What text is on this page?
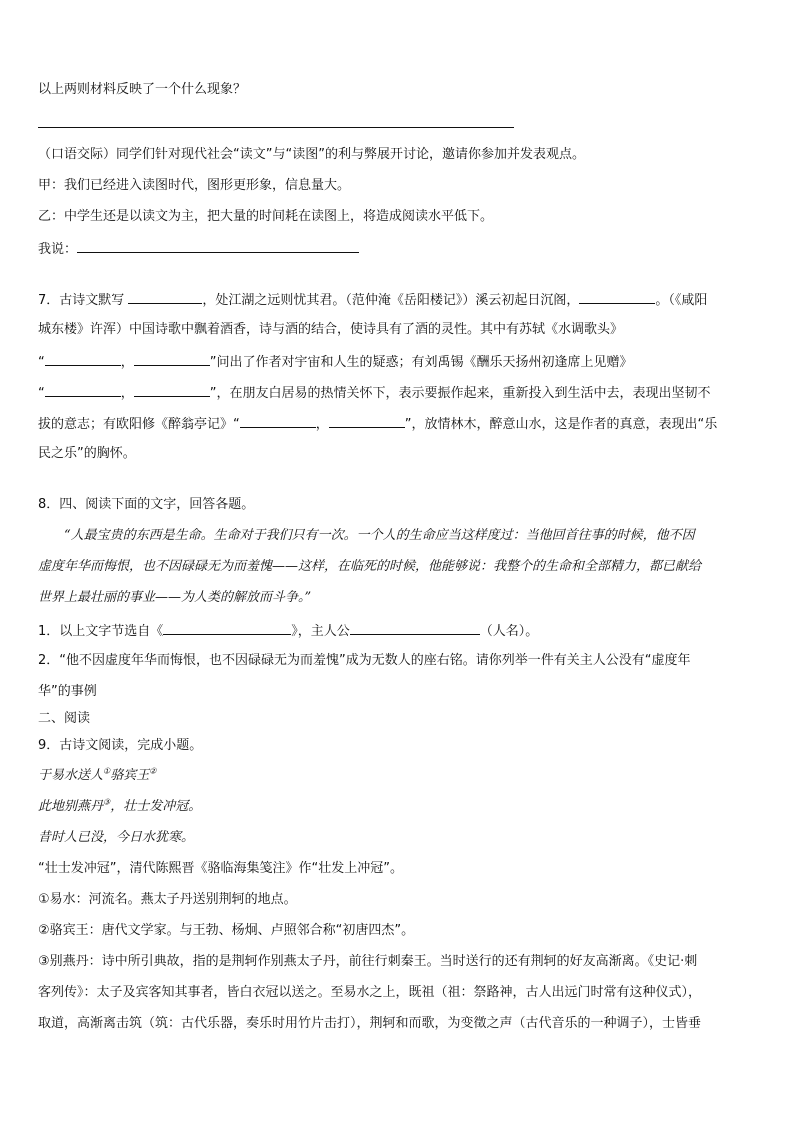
以上两则材料反映了一个什么现象？
（口语交际）同学们针对现代社会“读文”与“读图”的利与弊展开讨论，邀请你参加并发表观点。
甲：我们已经进入读图时代，图形更形象，信息量大。
乙：中学生还是以读文为主，把大量的时间耗在读图上，将造成阅读水平低下。
我说：
7．古诗文默写	，处江湖之远则忧其君。（范仲淹《岳阳楼记》）溪云初起日沉阁，	。（《咸阳
城东楼》许浑）中国诗歌中飘着酒香，诗与酒的结合，使诗具有了酒的灵性。其中有苏轼《水调歌头》
“	，	”问出了作者对宇宙和人生的疑惑；有刘禹锡《酬乐天扬州初逢席上见赠》
“	，	”，在朋友白居易的热情关怀下，表示要振作起来，重新投入到生活中去，表现出坚韧不
拔的意志；有欧阳修《醉翁亭记》“	，	”，放情林木，醉意山水，这是作者的真意，表现出“乐
民之乐”的胸怀。
8．四、阅读下面的文字，回答各题。
“人最宝贵的东西是生命。生命对于我们只有一次。一个人的生命应当这样度过：当他回首往事的时候，他不因
虚度年华而悔恨，也不因碌碌无为而羞愧——这样，在临死的时候，他能够说：我整个的生命和全部精力，都已献给
世界上最壮丽的事业——为人类的解放而斗争。”
1．以上文字节选自《	》，主人公	（人名）。
2．“他不因虚度年华而悔恨，也不因碌碌无为而羞愧”成为无数人的座右铭。请你列举一件有关主人公没有“虚度年
华”的事例
二、阅读
9．古诗文阅读，完成小题。
于易水送人①骆宾王②
此地别燕丹③，壮士发冲冠。
昔时人已没，今日水犹寒。
“壮士发冲冠”，清代陈熙晋《骆临海集笺注》作“壮发上冲冠”。
①易水：河流名。燕太子丹送别荆轲的地点。
②骆宾王：唐代文学家。与王勃、杨炯、卢照邻合称“初唐四杰”。
③别燕丹：诗中所引典故，指的是荆轲作别燕太子丹，前往行刺秦王。当时送行的还有荆轲的好友高渐离。《史记·刺
客列传》：太子及宾客知其事者，皆白衣冠以送之。至易水之上，既祖（祖：祭路神，古人出远门时常有这种仪式），
取道，高渐离击筑（筑：古代乐器，奏乐时用竹片击打），荆轲和而歌，为变徵之声（古代音乐的一种调子），士皆垂
